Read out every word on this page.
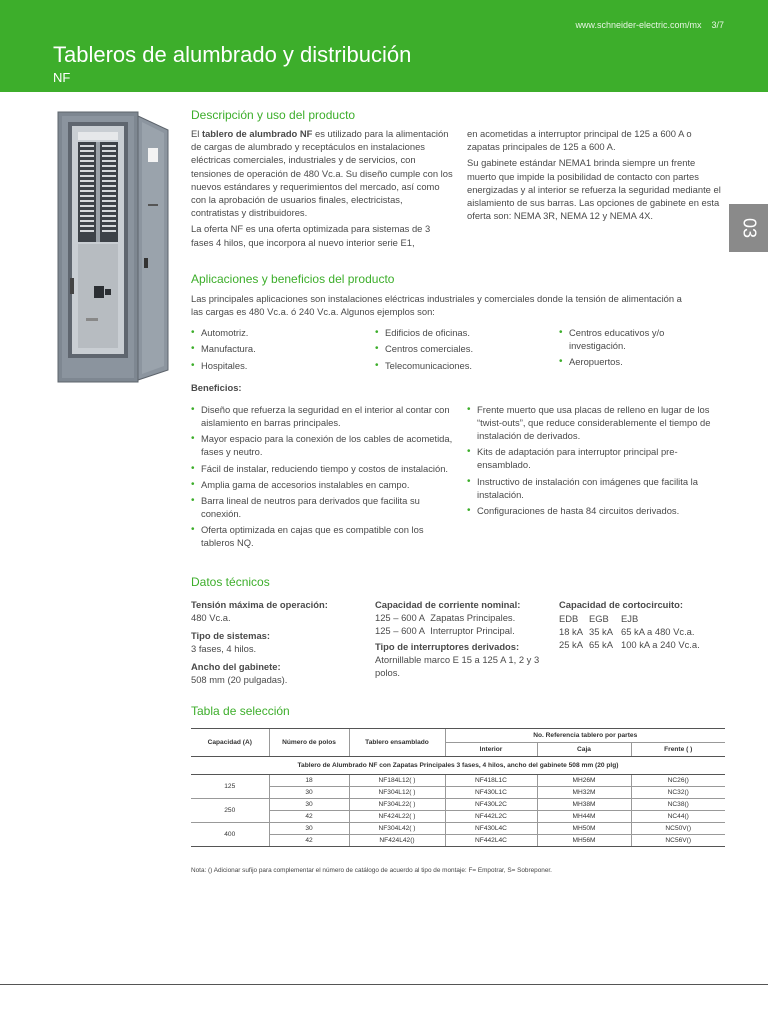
www.schneider-electric.com/mx 3/7
Tableros de alumbrado y distribución
NF
03
Descripción y uso del producto

El tablero de alumbrado NF es utilizado para la alimentación de cargas de alumbrado y receptáculos en instalaciones eléctricas comerciales, industriales y de servicios, con tensiones de operación de 480 Vc.a. Su diseño cumple con los nuevos estándares y requerimientos del mercado, así como con la aprobación de usuarios finales, electricistas, contratistas y distribuidores.

La oferta NF es una oferta optimizada para sistemas de 3 fases 4 hilos, que incorpora al nuevo interior serie E1,

en acometidas a interruptor principal de 125 a 600 A o zapatas principales de 125 a 600 A.

Su gabinete estándar NEMA1 brinda siempre un frente muerto que impide la posibilidad de contacto con partes energizadas y al interior se refuerza la seguridad mediante el aislamiento de sus barras. Las opciones de gabinete en esta oferta son: NEMA 3R, NEMA 12 y NEMA 4X.

Aplicaciones y beneficios del producto

Las principales aplicaciones son instalaciones eléctricas industriales y comerciales donde la tensión de alimentación a las cargas es 480 Vc.a. ó 240 Vc.a. Algunos ejemplos son:

• Automotriz.
• Manufactura.
• Hospitales.
• Edificios de oficinas.
• Centros comerciales.
• Telecomunicaciones.
• Centros educativos y/o investigación.
• Aeropuertos.

Beneficios:

• Diseño que refuerza la seguridad en el interior al contar con aislamiento en barras principales.
• Mayor espacio para la conexión de los cables de acometida, fases y neutro.
• Fácil de instalar, reduciendo tiempo y costos de instalación.
• Amplia gama de accesorios instalables en campo.
• Barra lineal de neutros para derivados que facilita su conexión.
• Oferta optimizada en cajas que es compatible con los tableros NQ.
• Frente muerto que usa placas de relleno en lugar de los “twist-outs”, que reduce considerablemente el tiempo de instalación de derivados.
• Kits de adaptación para interruptor principal pre-ensamblado.
• Instructivo de instalación con imágenes que facilita la instalación.
• Configuraciones de hasta 84 circuitos derivados.
Datos técnicos
Tensión máxima de operación:
480 Vc.a.
Tipo de sistemas:
3 fases, 4 hilos.
Ancho del gabinete:
508 mm (20 pulgadas).
Capacidad de corriente nominal:
125 – 600 A Zapatas Principales.
125 – 600 A Interruptor Principal.
Tipo de interruptores derivados:
Atornillable marco E 15 a 125 A 1, 2 y 3 polos.
Capacidad de cortocircuito:
EDB EGB EJB
18 kA 35 kA 65 kA a 480 Vc.a.
25 kA 65 kA 100 kA a 240 Vc.a.
Tabla de selección
Capacidad (A)	Número de polos	Tablero ensamblado	No. Referencia tablero por partes		
			Interior	Caja	Frente ( )
Tablero de Alumbrado NF con Zapatas Principales 3 fases, 4 hilos, ancho del gabinete 508 mm (20 plg)					
125	18	NF184L12( )	NF418L1C	MH26M	NC26()
	30	NF304L12( )	NF430L1C	MH32M	NC32()
250	30	NF304L22( )	NF430L2C	MH38M	NC38()
	42	NF424L22( )	NF442L2C	MH44M	NC44()
400	30	NF304L42( )	NF430L4C	MH50M	NC50V()
	42	NF424L42()	NF442L4C	MH56M	NC56V()
Nota: () Adicionar sufijo para complementar el número de catálogo de acuerdo al tipo de montaje: F= Empotrar, S= Sobreponer.
